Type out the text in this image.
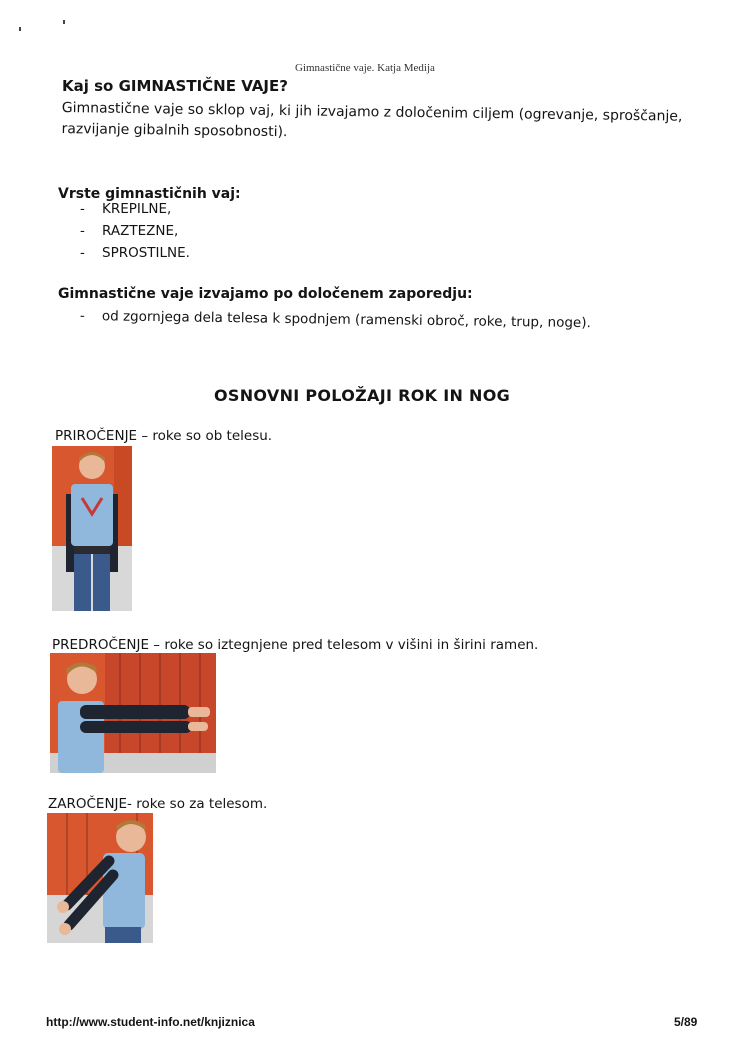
Gimnastične vaje. Katja Medija
Kaj so GIMNASTIČNE VAJE?
Gimnastične vaje so sklop vaj, ki jih izvajamo z določenim ciljem (ogrevanje, sproščanje, razvijanje gibalnih sposobnosti).
Vrste gimnastičnih vaj:
- KREPILNE,
- RAZTEZNE,
- SPROSTILNE.
Gimnastične vaje izvajamo po določenem zaporedju:
- od zgornjega dela telesa k spodnjem (ramenski obroč, roke, trup, noge).
OSNOVNI POLOŽAJI ROK IN NOG
PRIROČENJE – roke so ob telesu.
PREDROČENJE – roke so iztegnjene pred telesom v višini in širini ramen.
ZAROČENJE- roke so za telesom.
http://www.student-info.net/knjiznica	5/89
